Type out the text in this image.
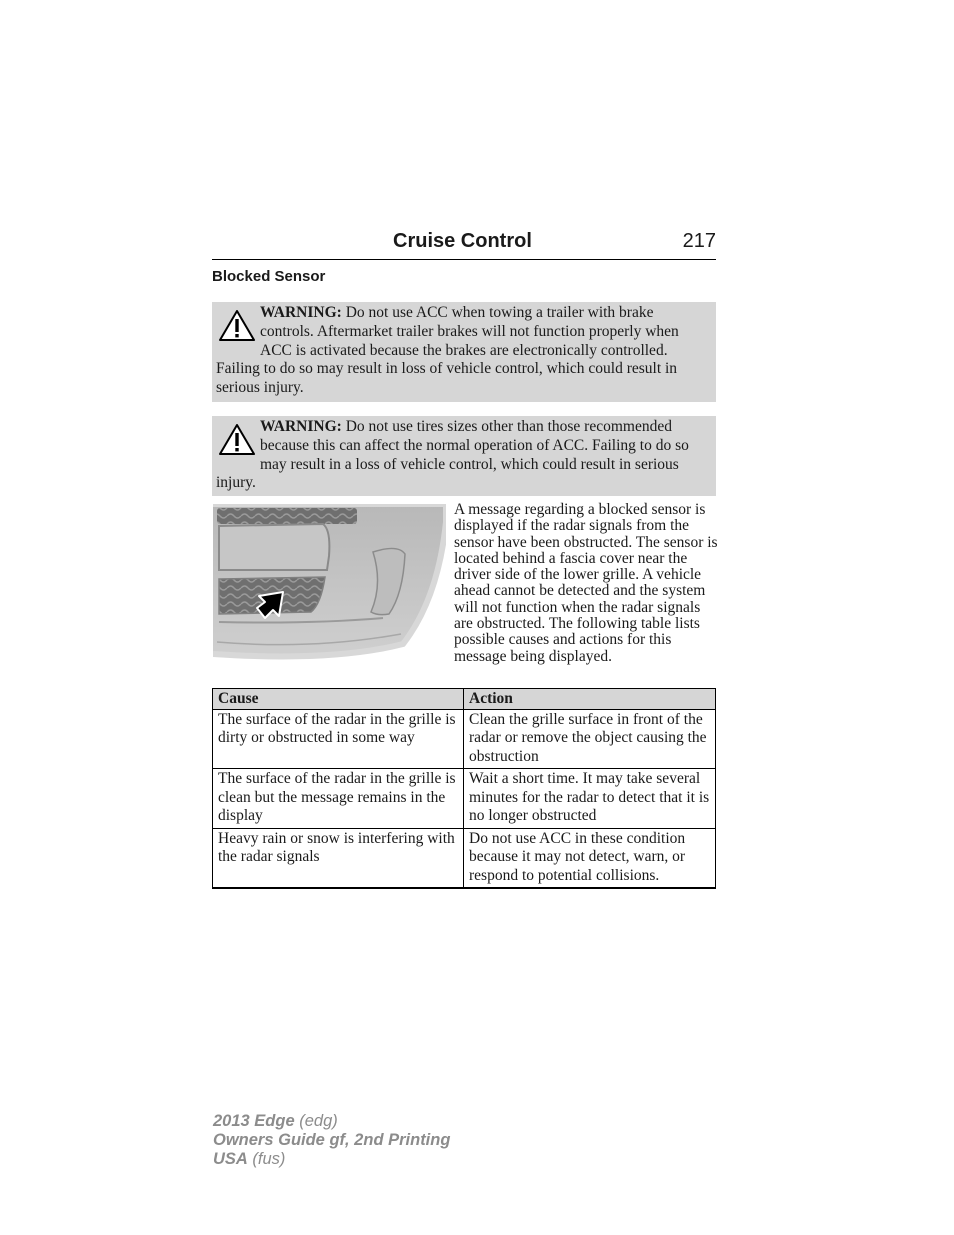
Cruise Control	217
Blocked Sensor
WARNING: Do not use ACC when towing a trailer with brake controls. Aftermarket trailer brakes will not function properly when ACC is activated because the brakes are electronically controlled. Failing to do so may result in loss of vehicle control, which could result in serious injury.
WARNING: Do not use tires sizes other than those recommended because this can affect the normal operation of ACC. Failing to do so may result in a loss of vehicle control, which could result in serious injury.
A message regarding a blocked sensor is displayed if the radar signals from the sensor have been obstructed. The sensor is located behind a fascia cover near the driver side of the lower grille. A vehicle ahead cannot be detected and the system will not function when the radar signals are obstructed. The following table lists possible causes and actions for this message being displayed.
Cause	Action
The surface of the radar in the grille is dirty or obstructed in some way	Clean the grille surface in front of the radar or remove the object causing the obstruction
The surface of the radar in the grille is clean but the message remains in the display	Wait a short time. It may take several minutes for the radar to detect that it is no longer obstructed
Heavy rain or snow is interfering with the radar signals	Do not use ACC in these condition because it may not detect, warn, or respond to potential collisions.
2013 Edge (edg)
Owners Guide gf, 2nd Printing
USA (fus)
